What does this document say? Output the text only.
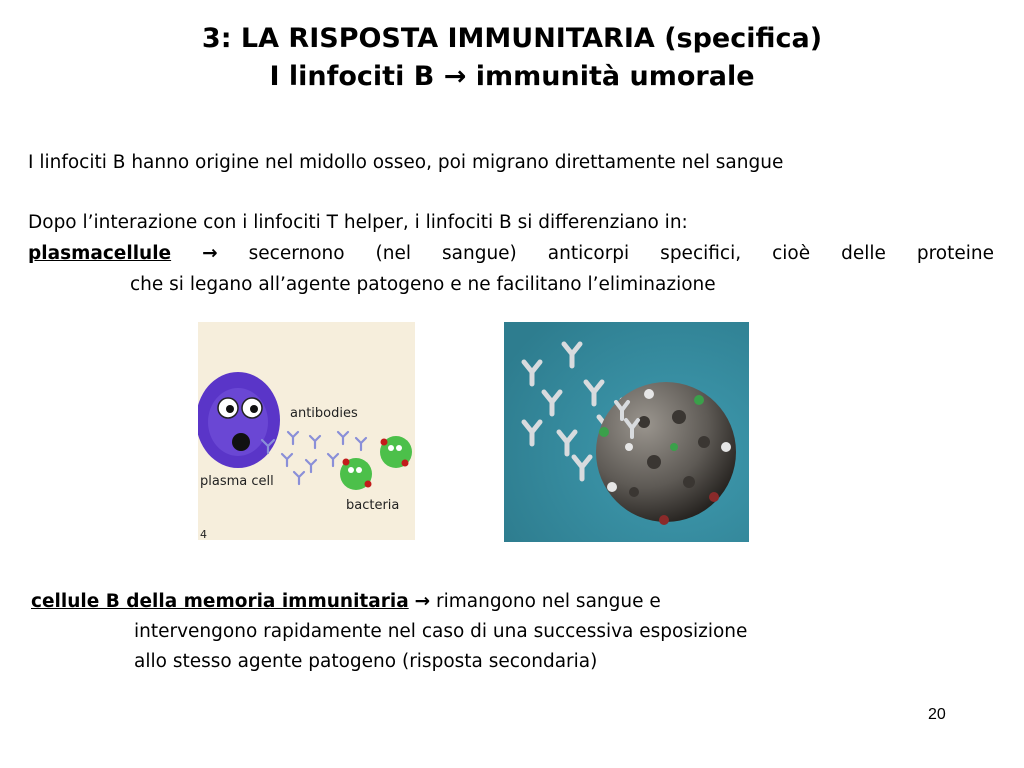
3: LA RISPOSTA IMMUNITARIA (specifica)
I linfociti B → immunità umorale
I linfociti B hanno origine nel midollo osseo, poi migrano direttamente nel sangue
Dopo l’interazione con i linfociti T helper, i linfociti B si differenziano in:
plasmacellule → secernono (nel sangue) anticorpi specifici, cioè delle proteine
che si legano all’agente patogeno e ne facilitano l’eliminazione
antibodies
plasma cell
bacteria
4
cellule B della memoria immunitaria → rimangono nel sangue e
intervengono rapidamente nel caso di una successiva esposizione
allo stesso agente patogeno (risposta secondaria)
20
